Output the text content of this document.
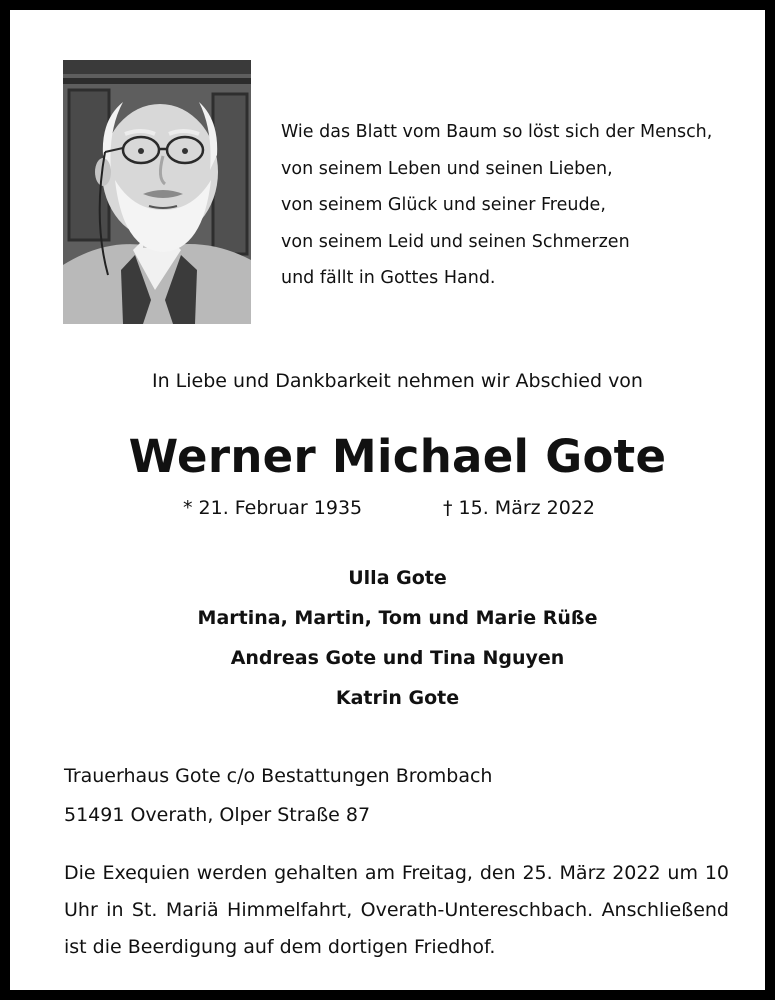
Wie das Blatt vom Baum so löst sich der Mensch,
von seinem Leben und seinen Lieben,
von seinem Glück und seiner Freude,
von seinem Leid und seinen Schmerzen
und fällt in Gottes Hand.
In Liebe und Dankbarkeit nehmen wir Abschied von
Werner Michael Gote
* 21. Februar 1935	† 15. März 2022
Ulla Gote
Martina, Martin, Tom und Marie Rüße
Andreas Gote und Tina Nguyen
Katrin Gote
Trauerhaus Gote c/o Bestattungen Brombach
51491 Overath, Olper Straße 87
Die Exequien werden gehalten am Freitag, den 25. März 2022 um 10 Uhr in St. Mariä Himmelfahrt, Overath-Untereschbach. Anschließend ist die Beerdigung auf dem dortigen Friedhof.
